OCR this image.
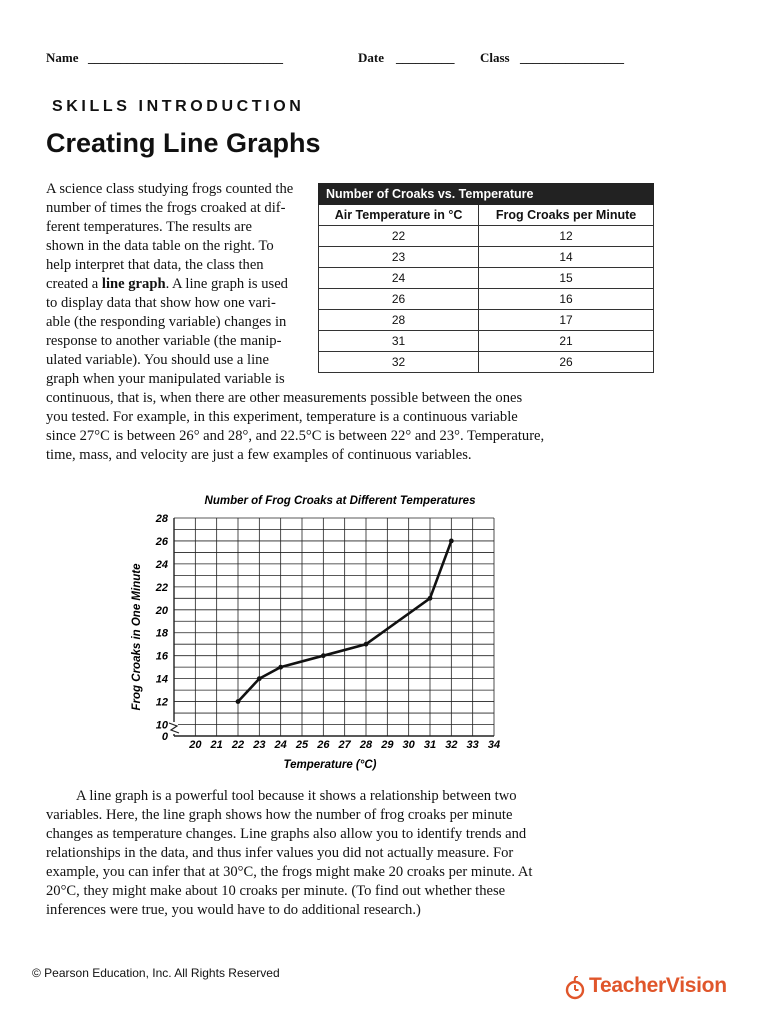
Name ______________________________	Date _________ Class ________________
SKILLS INTRODUCTION
Creating Line Graphs

A science class studying frogs counted the

number of times the frogs croaked at dif-

ferent temperatures. The results are

shown in the data table on the right. To

help interpret that data, the class then

created a line graph. A line graph is used

to display data that show how one vari-

able (the responding variable) changes in

response to another variable (the manip-

ulated variable). You should use a line

graph when your manipulated variable is

continuous, that is, when there are other measurements possible between the ones

you tested. For example, in this experiment, temperature is a continuous variable

since 27°C is between 26° and 28°, and 22.5°C is between 22° and 23°. Temperature,

time, mass, and velocity are just a few examples of continuous variables.

Number of Croaks vs. Temperature	
Air Temperature in °C	Frog Croaks per Minute
22	12
23	14
24	15
26	16
28	17
31	21
32	26
20 21 22 23 24 25 26 27 28 29 30 31 32 33 34
10
12
14
16
18
20
22
24
26
28
0
Number of Frog Croaks at Different Temperatures
Temperature (°C)
Frog Croaks in One Minute

A line graph is a powerful tool because it shows a relationship between two

variables. Here, the line graph shows how the number of frog croaks per minute

changes as temperature changes. Line graphs also allow you to identify trends and

relationships in the data, and thus infer values you did not actually measure. For

example, you can infer that at 30°C, the frogs might make 20 croaks per minute. At

20°C, they might make about 10 croaks per minute. (To find out whether these

inferences were true, you would have to do additional research.)

© Pearson Education, Inc. All Rights Reserved
TeacherVision
